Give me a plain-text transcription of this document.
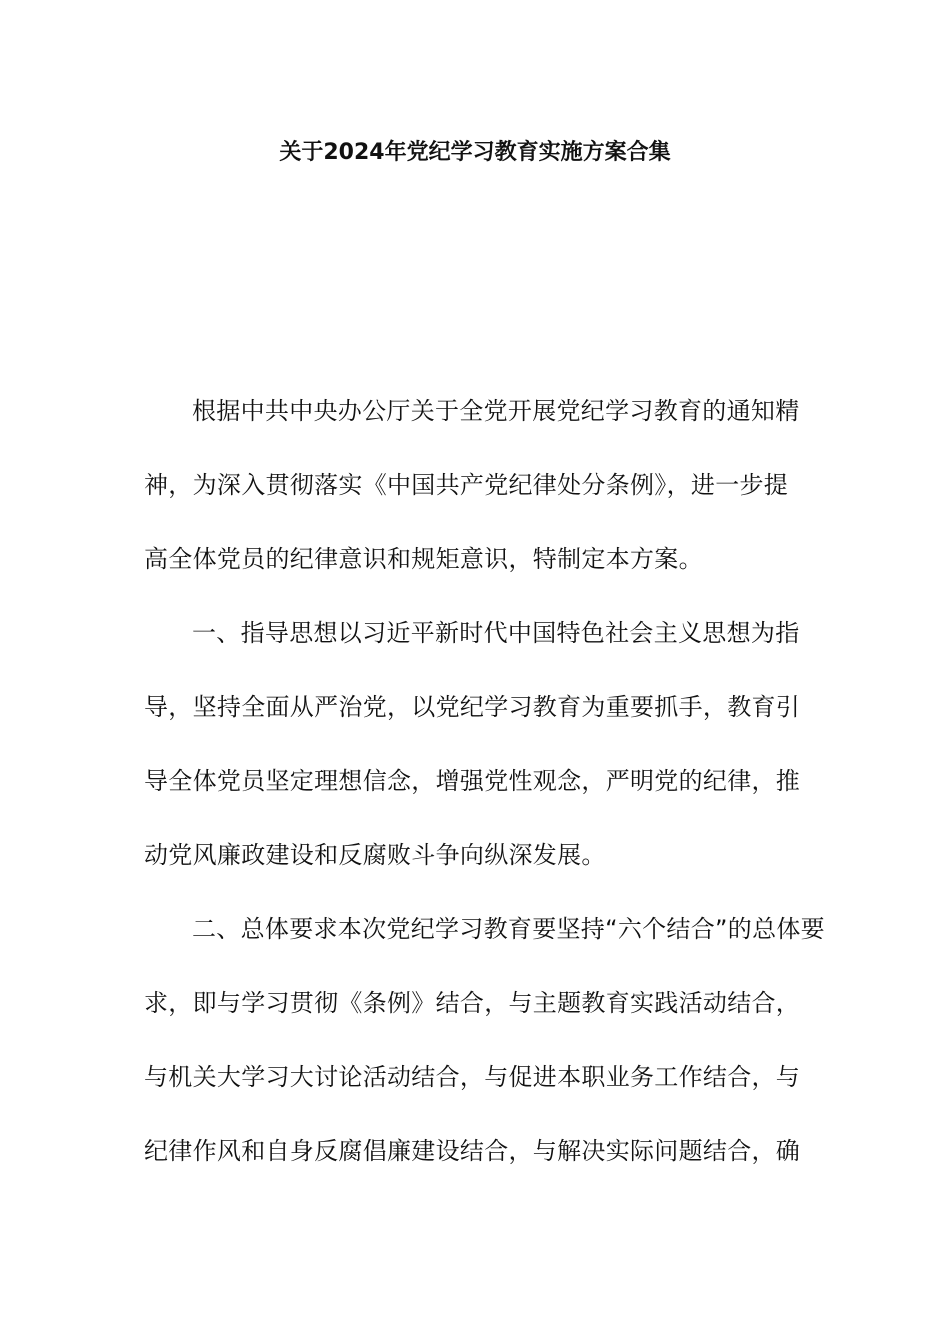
关于2024年党纪学习教育实施方案合集
根据中共中央办公厅关于全党开展党纪学习教育的通知精
神，为深入贯彻落实《中国共产党纪律处分条例》，进一步提
高全体党员的纪律意识和规矩意识，特制定本方案。
一、指导思想以习近平新时代中国特色社会主义思想为指
导，坚持全面从严治党，以党纪学习教育为重要抓手，教育引
导全体党员坚定理想信念，增强党性观念，严明党的纪律，推
动党风廉政建设和反腐败斗争向纵深发展。
二、总体要求本次党纪学习教育要坚持“六个结合”的总体要
求，即与学习贯彻《条例》结合，与主题教育实践活动结合，
与机关大学习大讨论活动结合，与促进本职业务工作结合，与
纪律作风和自身反腐倡廉建设结合，与解决实际问题结合，确
